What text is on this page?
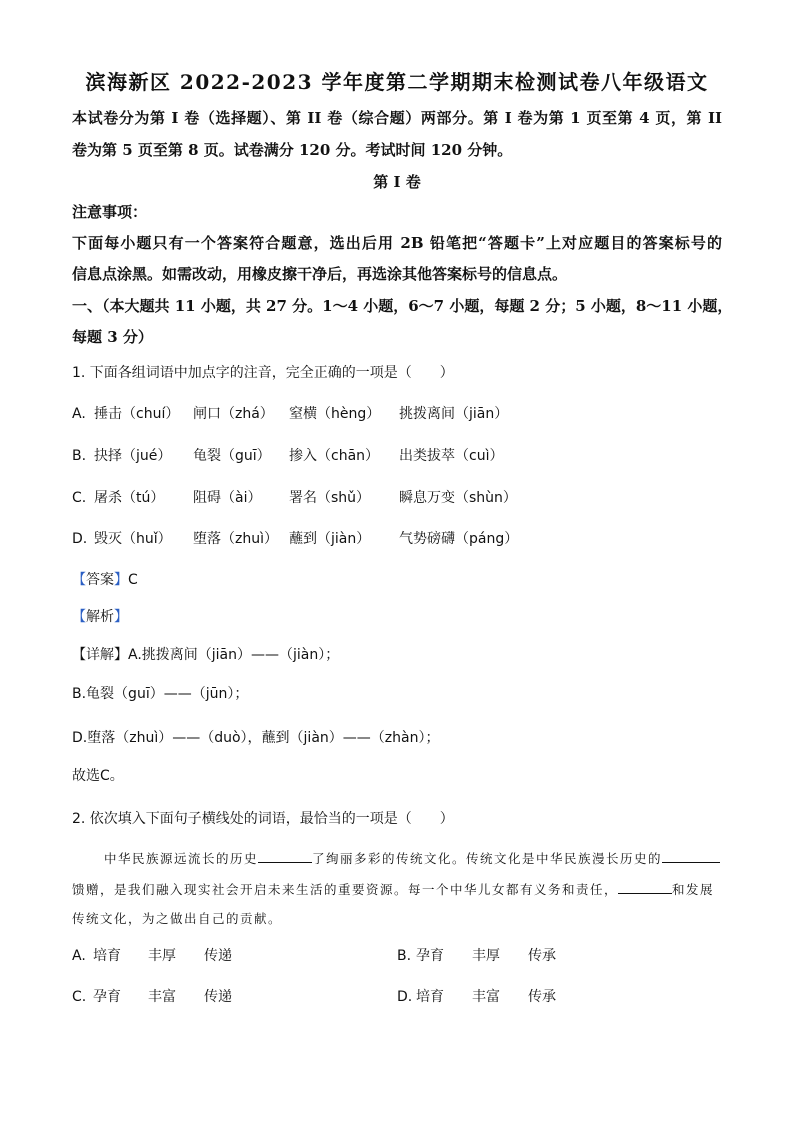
滨海新区 2022-2023 学年度第二学期期末检测试卷八年级语文
本试卷分为第 I 卷（选择题）、第 II 卷（综合题）两部分。第 I 卷为第 1 页至第 4 页，第 II
卷为第 5 页至第 8 页。试卷满分 120 分。考试时间 120 分钟。
第 I 卷
注意事项：
下面每小题只有一个答案符合题意，选出后用 2B 铅笔把“答题卡”上对应题目的答案标号的
信息点涂黑。如需改动，用橡皮擦干净后，再选涂其他答案标号的信息点。
一、（本大题共 11 小题，共 27 分。1～4 小题，6～7 小题，每题 2 分；5 小题，8～11 小题，
每题 3 分）
1. 下面各组词语中加点字的注音，完全正确的一项是（　　）
A. 捶击（chuí） 闸口（zhá） 窒横（hèng） 挑拨离间（jiān）
B. 抉择（jué） 龟裂（guī） 掺入（chān） 出类拔萃（cuì）
C. 屠杀（tú） 阻碍（ài） 署名（shǔ） 瞬息万变（shùn）
D. 毁灭（huǐ） 堕落（zhuì） 蘸到（jiàn） 气势磅礴（páng）
【答案】C
【解析】
【详解】A.挑拨离间（jiān）——（jiàn）；
B.龟裂（guī）——（jūn）；
D.堕落（zhuì）——（duò），蘸到（jiàn）——（zhàn）；
故选C。
2. 依次填入下面句子横线处的词语，最恰当的一项是（　　）
中华民族源远流长的历史	了绚丽多彩的传统文化。传统文化是中华民族漫长历史的
馈赠，是我们融入现实社会开启未来生活的重要资源。每一个中华儿女都有义务和责任，	和发展
传统文化，为之做出自己的贡献。
A. 培育 丰厚 传递	B. 孕育 丰厚 传承
C. 孕育 丰富 传递	D. 培育 丰富 传承
